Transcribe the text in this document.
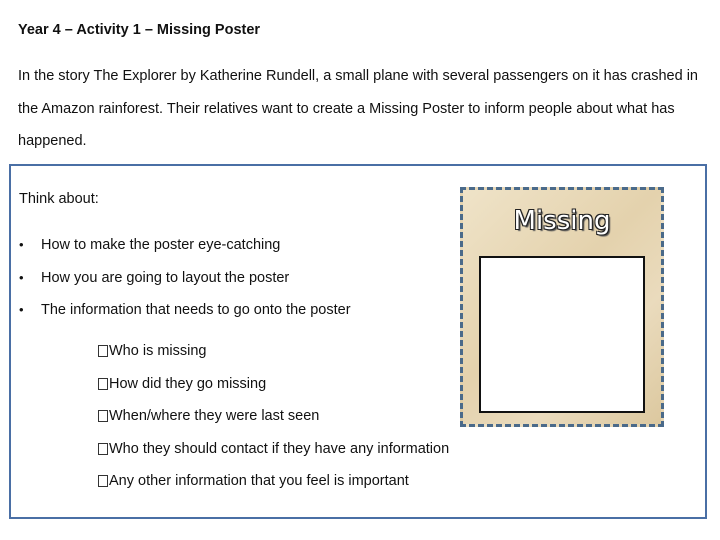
Year 4 – Activity 1 – Missing Poster

In the story The Explorer by Katherine Rundell, a small plane with several passengers on it has crashed in the Amazon rainforest. Their relatives want to create a Missing Poster to inform people about what has happened.

Think about:

•	How to make the poster eye-catching
•	How you are going to layout the poster
•	The information that needs to go onto the poster
Who is missing
How did they go missing
When/where they were last seen
Who they should contact if they have any information
Any other information that you feel is important

Missing
